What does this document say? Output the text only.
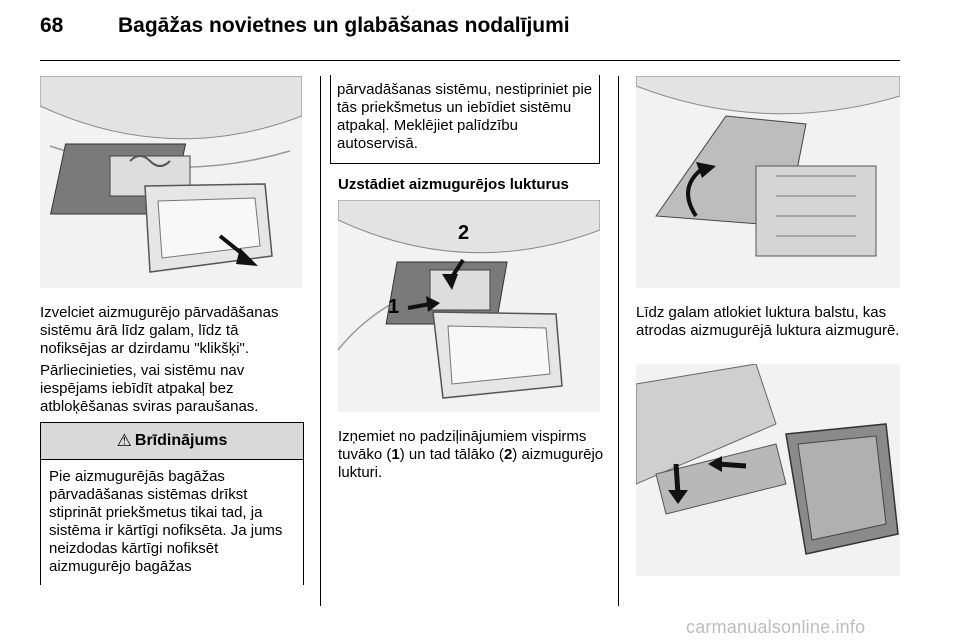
68	Bagāžas novietnes un glabāšanas nodalījumi

Izvelciet aizmugurējo pārvadāšanas sistēmu ārā līdz galam, līdz tā nofiksējas ar dzirdamu "klikšķi".

Pārliecinieties, vai sistēmu nav iespējams iebīdīt atpakaļ bez atbloķēšanas sviras paraušanas.

⚠ Brīdinājums
Pie aizmugurējās bagāžas pārvadāšanas sistēmas drīkst stiprināt priekšmetus tikai tad, ja sistēma ir kārtīgi nofiksēta. Ja jums neizdodas kārtīgi nofiksēt aizmugurējo bagāžas
pārvadāšanas sistēmu, nestipriniet pie tās priekšmetus un iebīdiet sistēmu atpakaļ. Meklējiet palīdzību autoservisā.
Uzstādiet aizmugurējos lukturus
1
2

Izņemiet no padziļinājumiem vispirms tuvāko (1) un tad tālāko (2) aizmugurējo lukturi.

Līdz galam atlokiet luktura balstu, kas atrodas aizmugurējā luktura aizmugurē.

carmanualsonline.info
